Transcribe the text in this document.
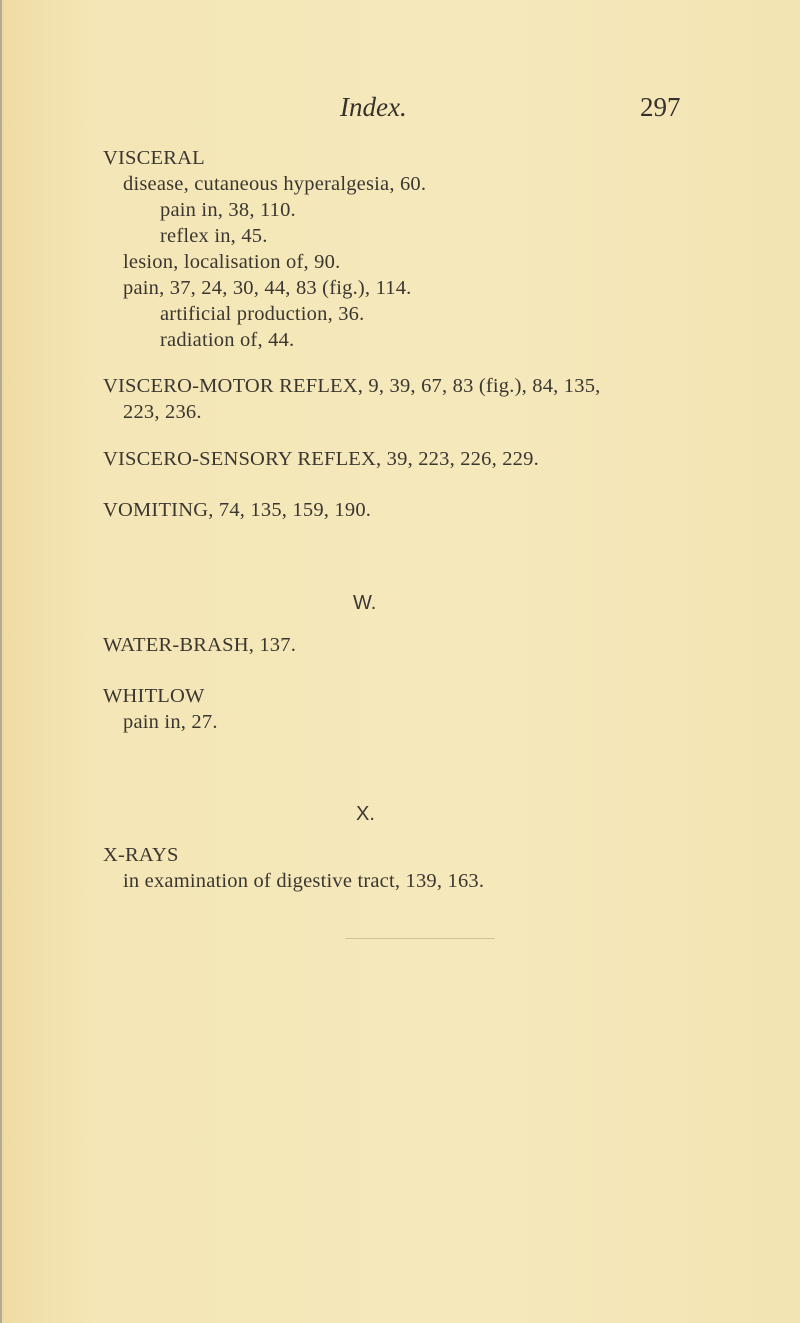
Index.	297
VISCERAL
disease, cutaneous hyperalgesia, 60.
pain in, 38, 110.
reflex in, 45.
lesion, localisation of, 90.
pain, 37, 24, 30, 44, 83 (fig.), 114.
artificial production, 36.
radiation of, 44.
VISCERO-MOTOR REFLEX, 9, 39, 67, 83 (fig.), 84, 135,
223, 236.
VISCERO-SENSORY REFLEX, 39, 223, 226, 229.
VOMITING, 74, 135, 159, 190.
W.
WATER-BRASH, 137.
WHITLOW
pain in, 27.
X.
X-RAYS
in examination of digestive tract, 139, 163.
